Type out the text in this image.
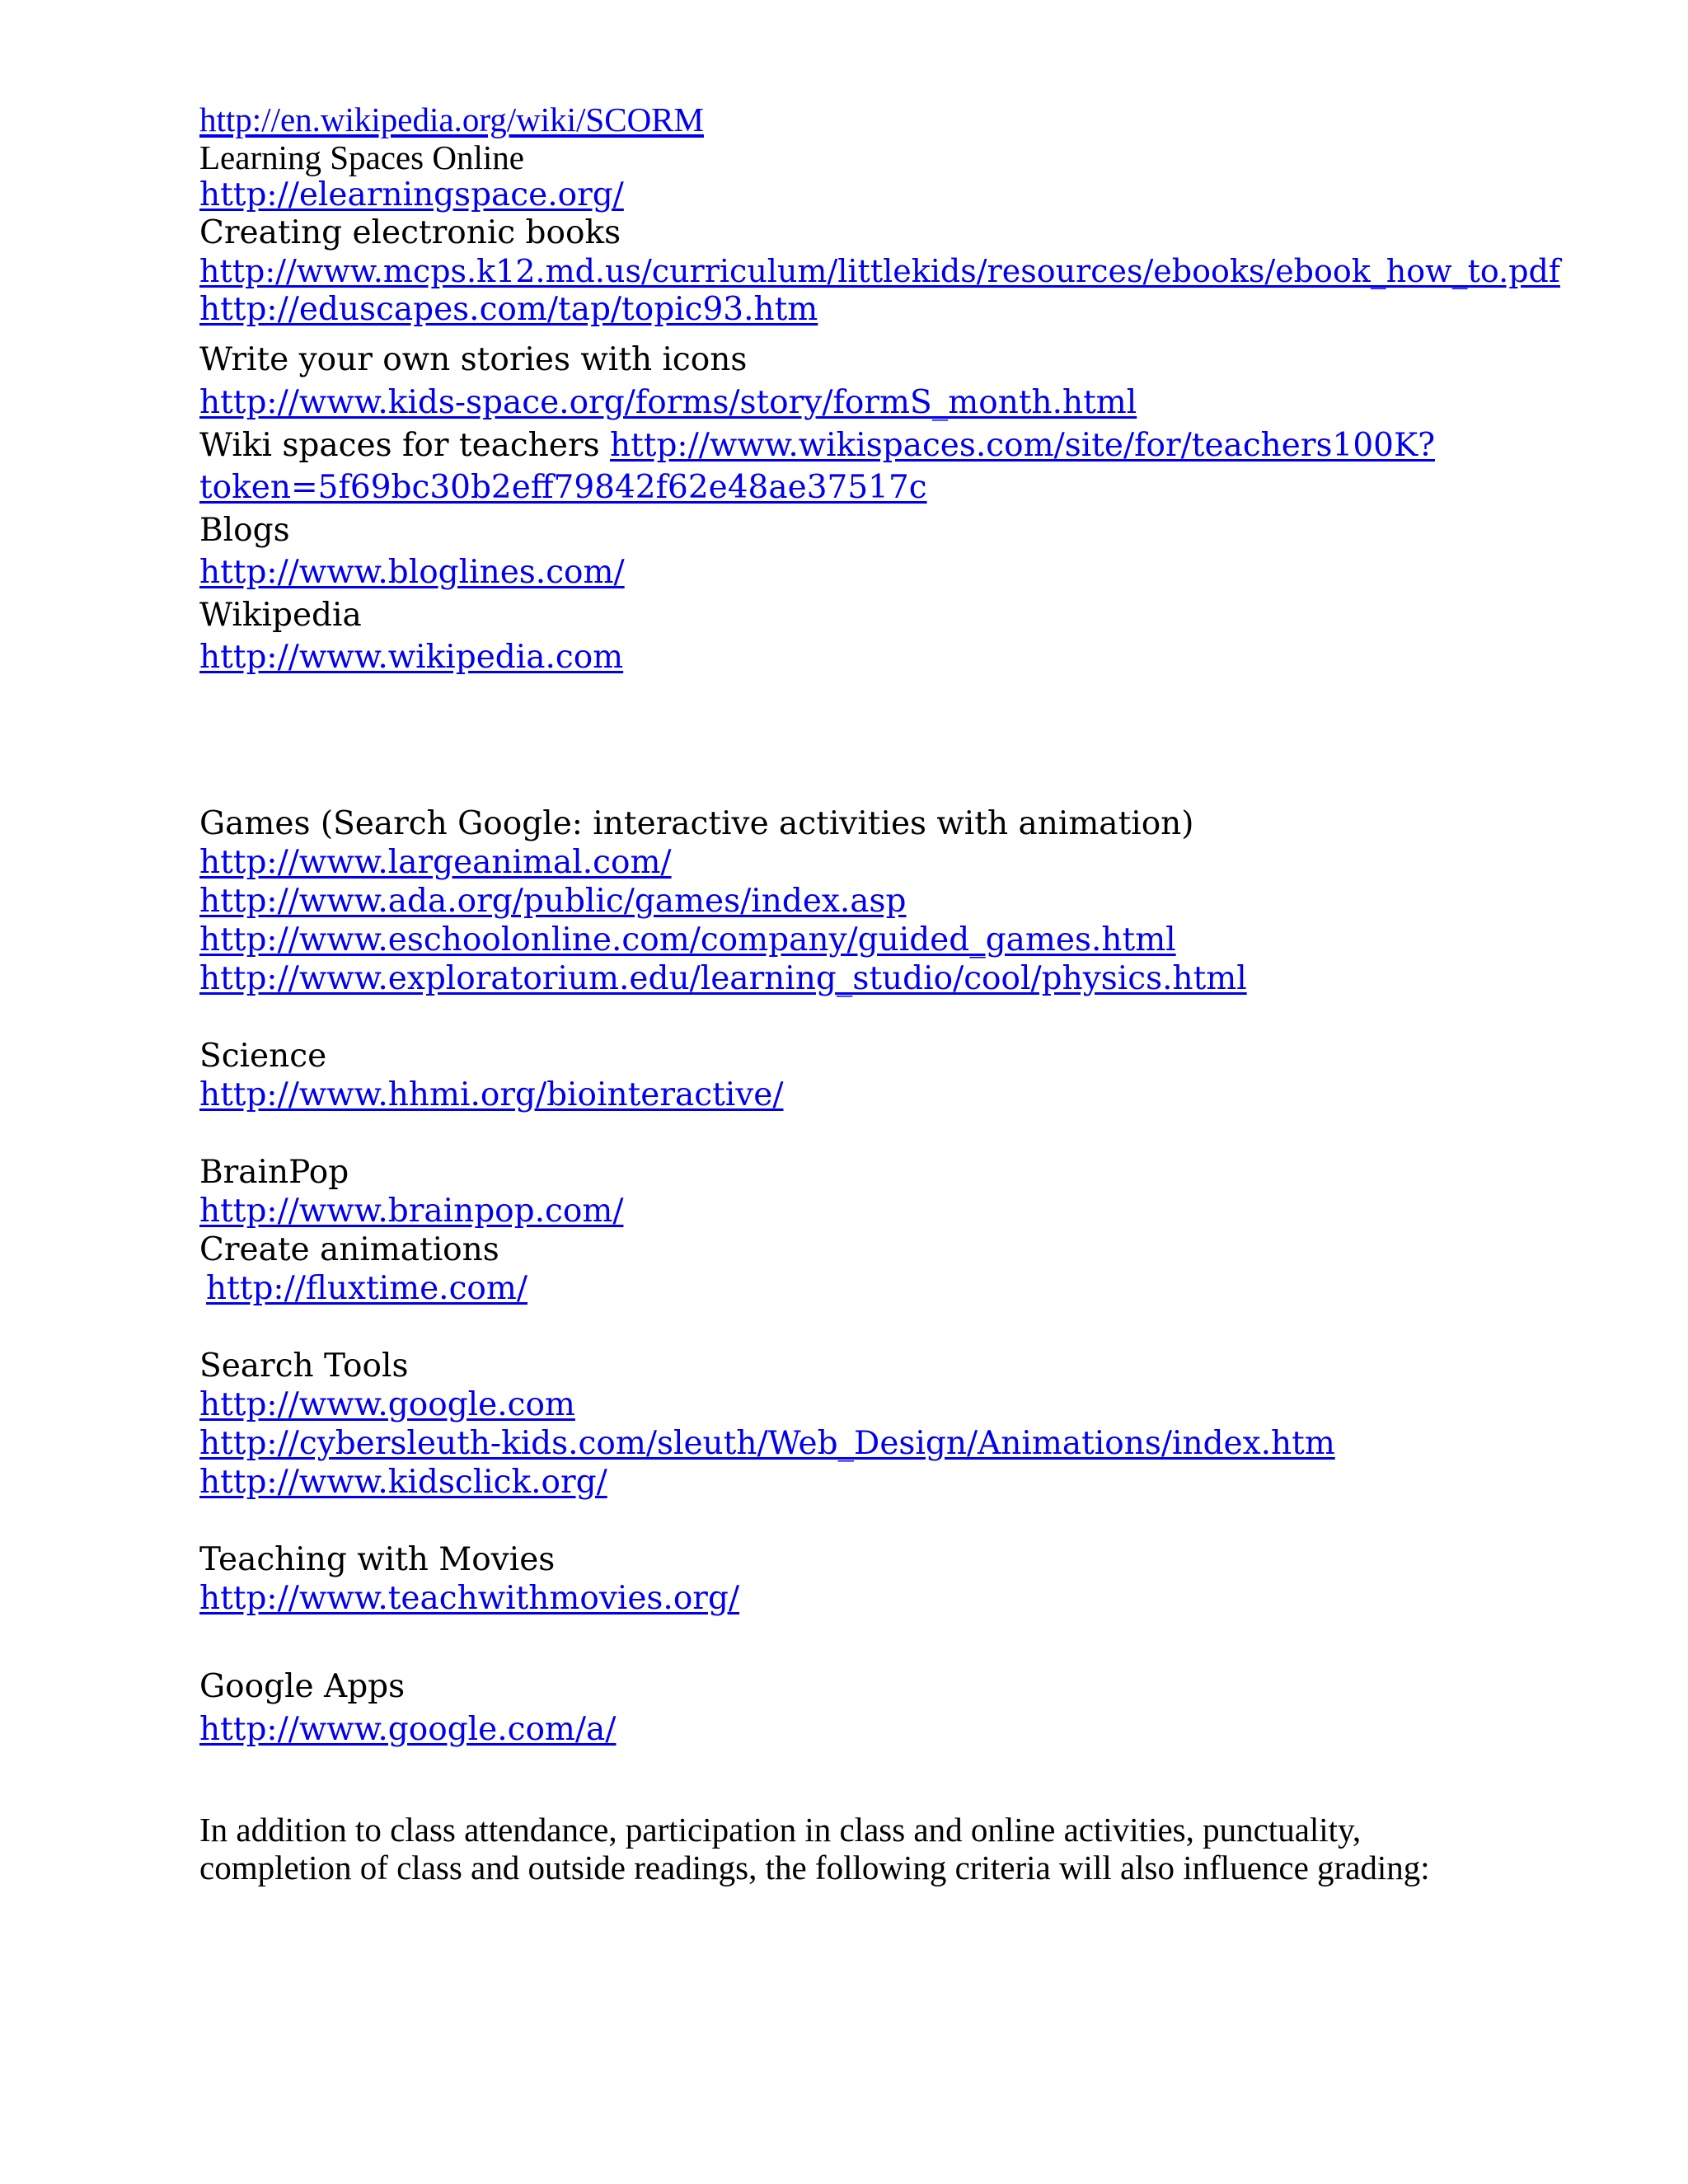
http://en.wikipedia.org/wiki/SCORM
Learning Spaces Online
http://elearningspace.org/
Creating electronic books
http://www.mcps.k12.md.us/curriculum/littlekids/resources/ebooks/ebook_how_to.pdf
http://eduscapes.com/tap/topic93.htm
Write your own stories with icons
http://www.kids-space.org/forms/story/formS_month.html
Wiki spaces for teachers http://www.wikispaces.com/site/for/teachers100K?
token=5f69bc30b2eff79842f62e48ae37517c
Blogs
http://www.bloglines.com/
Wikipedia
http://www.wikipedia.com
Games (Search Google: interactive activities with animation)
http://www.largeanimal.com/
http://www.ada.org/public/games/index.asp
http://www.eschoolonline.com/company/guided_games.html
http://www.exploratorium.edu/learning_studio/cool/physics.html
Science
http://www.hhmi.org/biointeractive/
BrainPop
http://www.brainpop.com/
Create animations
http://fluxtime.com/
Search Tools
http://www.google.com
http://cybersleuth-kids.com/sleuth/Web_Design/Animations/index.htm
http://www.kidsclick.org/
Teaching with Movies
http://www.teachwithmovies.org/
Google Apps
http://www.google.com/a/
In addition to class attendance, participation in class and online activities, punctuality,
completion of class and outside readings, the following criteria will also influence grading:
